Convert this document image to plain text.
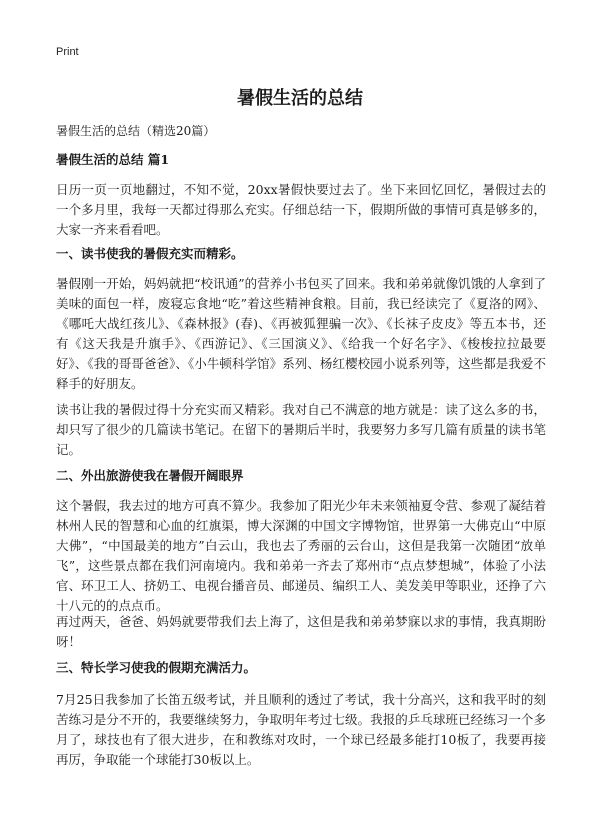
Print
暑假生活的总结

暑假生活的总结（精选20篇）

暑假生活的总结 篇1

日历一页一页地翻过，不知不觉，20xx暑假快要过去了。坐下来回忆回忆，暑假过去的一个多月里，我每一天都过得那么充实。仔细总结一下，假期所做的事情可真是够多的，大家一齐来看看吧。

一、读书使我的暑假充实而精彩。

暑假刚一开始，妈妈就把“校讯通”的营养小书包买了回来。我和弟弟就像饥饿的人拿到了美味的面包一样，废寝忘食地“吃”着这些精神食粮。目前，我已经读完了《夏洛的网》、《哪吒大战红孩儿》、《森林报》(春)、《再被狐狸骗一次》、《长袜子皮皮》等五本书，还有《这天我是升旗手》、《西游记》、《三国演义》、《给我一个好名字》、《梭梭拉拉最要好》、《我的哥哥爸爸》、《小牛顿科学馆》系列、杨红樱校园小说系列等，这些都是我爱不释手的好朋友。

读书让我的暑假过得十分充实而又精彩。我对自己不满意的地方就是：读了这么多的书，却只写了很少的几篇读书笔记。在留下的暑期后半时，我要努力多写几篇有质量的读书笔记。

二、外出旅游使我在暑假开阔眼界

这个暑假，我去过的地方可真不算少。我参加了阳光少年未来领袖夏令营、参观了凝结着林州人民的智慧和心血的红旗渠，博大深渊的中国文字博物馆，世界第一大佛克山“中原大佛”，“中国最美的地方”白云山，我也去了秀丽的云台山，这但是我第一次随团“放单飞”，这些景点都在我们河南境内。我和弟弟一齐去了郑州市“点点梦想城”，体验了小法官、环卫工人、挤奶工、电视台播音员、邮递员、编织工人、美发美甲等职业，还挣了六十八元的的点点币。

再过两天，爸爸、妈妈就要带我们去上海了，这但是我和弟弟梦寐以求的事情，我真期盼呀！

三、特长学习使我的假期充满活力。

7月25日我参加了长笛五级考试，并且顺利的透过了考试，我十分高兴，这和我平时的刻苦练习是分不开的，我要继续努力，争取明年考过七级。我报的乒乓球班已经练习一个多月了，球技也有了很大进步，在和教练对攻时，一个球已经最多能打10板了，我要再接再厉，争取能一个球能打30板以上。
